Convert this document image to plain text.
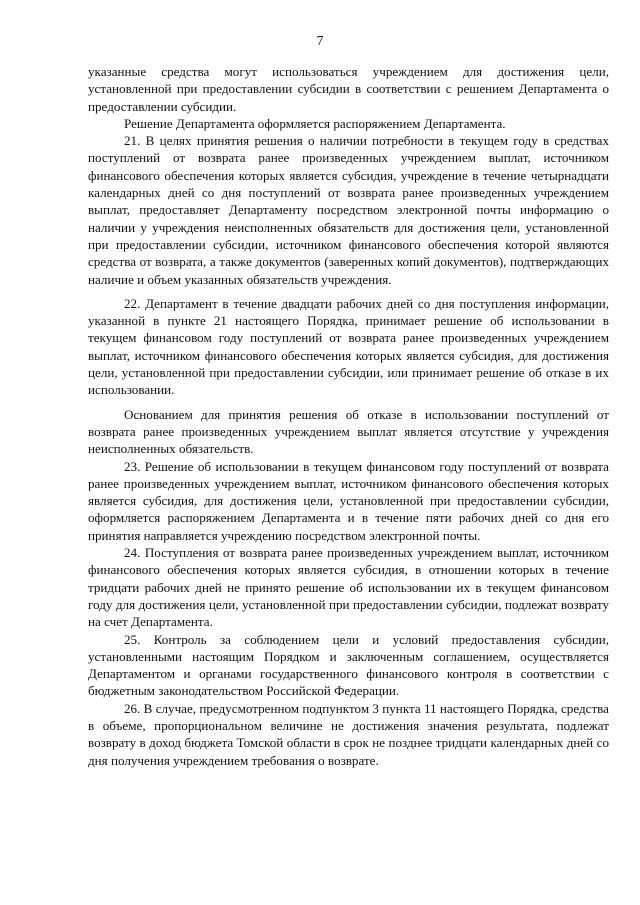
7

указанные средства могут использоваться учреждением для достижения цели, установленной при предоставлении субсидии в соответствии с решением Департамента о предоставлении субсидии.

Решение Департамента оформляется распоряжением Департамента.

21. В целях принятия решения о наличии потребности в текущем году в средствах поступлений от возврата ранее произведенных учреждением выплат, источником финансового обеспечения которых является субсидия, учреждение в течение четырнадцати календарных дней со дня поступлений от возврата ранее произведенных учреждением выплат, предоставляет Департаменту посредством электронной почты информацию о наличии у учреждения неисполненных обязательств для достижения цели, установленной при предоставлении субсидии, источником финансового обеспечения которой являются средства от возврата, а также документов (заверенных копий документов), подтверждающих наличие и объем указанных обязательств учреждения.

22. Департамент в течение двадцати рабочих дней со дня поступления информации, указанной в пункте 21 настоящего Порядка, принимает решение об использовании в текущем финансовом году поступлений от возврата ранее произведенных учреждением выплат, источником финансового обеспечения которых является субсидия, для достижения цели, установленной при предоставлении субсидии, или принимает решение об отказе в их использовании.

Основанием для принятия решения об отказе в использовании поступлений от возврата ранее произведенных учреждением выплат является отсутствие у учреждения неисполненных обязательств.

23. Решение об использовании в текущем финансовом году поступлений от возврата ранее произведенных учреждением выплат, источником финансового обеспечения которых является субсидия, для достижения цели, установленной при предоставлении субсидии, оформляется распоряжением Департамента и в течение пяти рабочих дней со дня его принятия направляется учреждению посредством электронной почты.

24. Поступления от возврата ранее произведенных учреждением выплат, источником финансового обеспечения которых является субсидия, в отношении которых в течение тридцати рабочих дней не принято решение об использовании их в текущем финансовом году для достижения цели, установленной при предоставлении субсидии, подлежат возврату на счет Департамента.

25. Контроль за соблюдением цели и условий предоставления субсидии, установленными настоящим Порядком и заключенным соглашением, осуществляется Департаментом и органами государственного финансового контроля в соответствии с бюджетным законодательством Российской Федерации.

26. В случае, предусмотренном подпунктом 3 пункта 11 настоящего Порядка, средства в объеме, пропорциональном величине не достижения значения результата, подлежат возврату в доход бюджета Томской области в срок не позднее тридцати календарных дней со дня получения учреждением требования о возврате.
